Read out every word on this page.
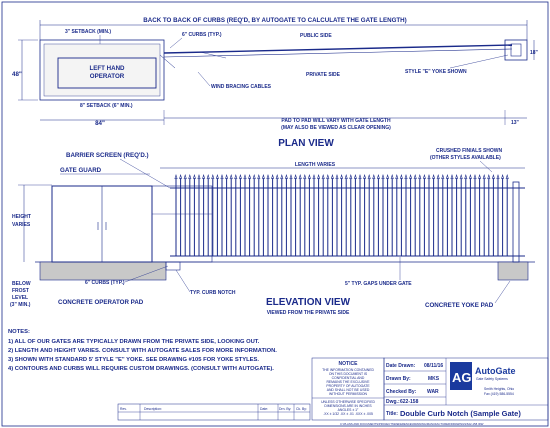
BACK TO BACK OF CURBS (REQ'D, BY AUTOGATE TO CALCULATE THE GATE LENGTH)
LEFT HAND
OPERATOR
3" SETBACK (MIN.)	6" CURBS (TYP.)
8" SETBACK (6" MIN.)
48"
84"
PUBLIC SIDE
PRIVATE SIDE
WIND BRACING CABLES
STYLE "E" YOKE SHOWN
18"
PAD TO PAD WILL VARY WITH GATE LENGTH
(MAY ALSO BE VIEWED AS CLEAR OPENING)
13"
PLAN VIEW
BARRIER SCREEN (REQ'D.)
CRUSHED FINIALS SHOWN
(OTHER STYLES AVAILABLE)
GATE GUARD
LENGTH VARIES
HEIGHT
VARIES
BELOW
FROST
LEVEL
(3" MIN.)
6" CURBS (TYP.)
TYP. CURB NOTCH
5" TYP. GAPS UNDER GATE
CONCRETE OPERATOR PAD	CONCRETE YOKE PAD
ELEVATION VIEW
VIEWED FROM THE PRIVATE SIDE
NOTES:
1) ALL OF OUR GATES ARE TYPICALLY DRAWN FROM THE PRIVATE SIDE, LOOKING OUT.
2) LENGTH AND HEIGHT VARIES. CONSULT WITH AUTOGATE SALES FOR MORE INFORMATION.
3) SHOWN WITH STANDARD 5' STYLE "E" YOKE. SEE DRAWING #105 FOR YOKE STYLES.
4) CONTOURS AND CURBS WILL REQUIRE CUSTOM DRAWINGS. (CONSULT WITH AUTOGATE).
Rev.	Description:	Date:	Drn. By: Ck. By:
NOTICE
THE INFORMATION CONTAINED
ON THIS DOCUMENT IS
CONFIDENTIAL AND
REMAINS THE EXCLUSIVE
PROPERTY OF AUTOGATE
AND SHALL NOT BE USED
WITHOUT PERMISSION
UNLESS OTHERWISE SPECIFIED
DIMENSIONS ARE IN INCHES
ANGLES ± 1°
.XX ± 1/32 .XX ± .01 .XXX ± .005
Date Drawn: 08/11/16
Drawn By:	MKS
Checked By: WAR
Dwg.: 622-158
Title: Double Curb Notch (Sample Gate)
AG AutoGate
Gate Safety Systems
Smith Heights, Ohio
Fax (419) 586-5554
C:\PLANS AND DOCUMENTS\PROJECTS\REFERENCE\DRAWING\MANUFACTURER\DRAWINGS\622-158.IDW
